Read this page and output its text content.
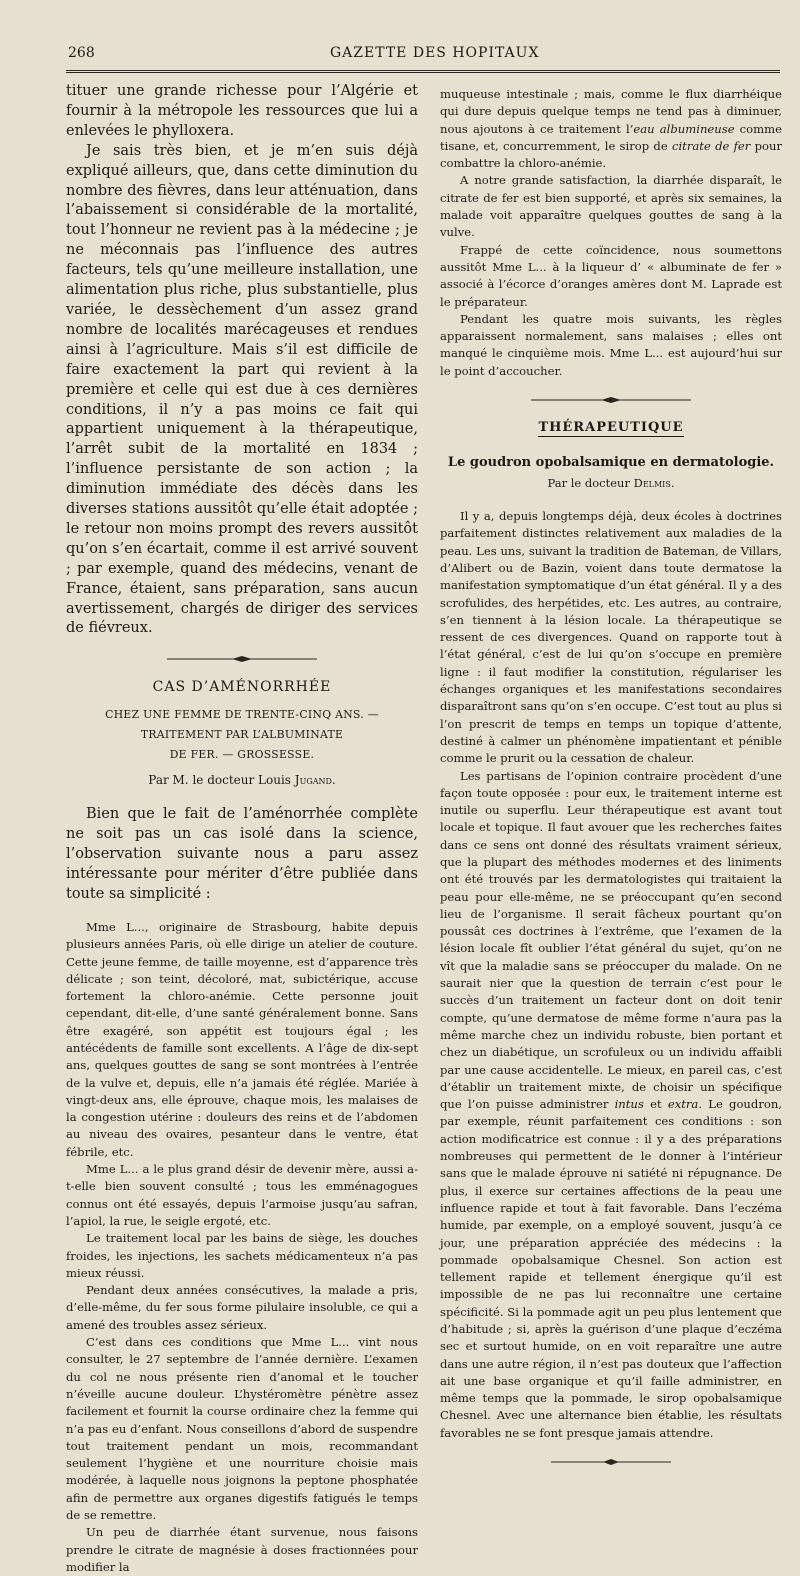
268	GAZETTE DES HOPITAUX

tituer une grande richesse pour l’Algérie et fournir à la métropole les ressources que lui a enlevées le phylloxera.

Je sais très bien, et je m’en suis déjà expliqué ailleurs, que, dans cette diminution du nombre des fièvres, dans leur atténuation, dans l’abaissement si considérable de la mortalité, tout l’honneur ne revient pas à la médecine ; je ne méconnais pas l’influence des autres facteurs, tels qu’une meilleure installation, une alimentation plus riche, plus substantielle, plus variée, le dessèchement d’un assez grand nombre de localités marécageuses et rendues ainsi à l’agriculture. Mais s’il est difficile de faire exactement la part qui revient à la première et celle qui est due à ces dernières conditions, il n’y a pas moins ce fait qui appartient uniquement à la thérapeutique, l’arrêt subit de la mortalité en 1834 ; l’influence persistante de son action ; la diminution immédiate des décès dans les diverses stations aussitôt qu’elle était adoptée ; le retour non moins prompt des revers aussitôt qu’on s’en écartait, comme il est arrivé souvent ; par exemple, quand des médecins, venant de France, étaient, sans préparation, sans aucun avertissement, chargés de diriger des services de fiévreux.

CAS D’AMÉNORRHÉE
CHEZ UNE FEMME DE TRENTE-CINQ ANS. — TRAITEMENT PAR L’ALBUMINATE
DE FER. — GROSSESSE.
Par M. le docteur Louis Jugand.

Bien que le fait de l’aménorrhée complète ne soit pas un cas isolé dans la science, l’observation suivante nous a paru assez intéressante pour mériter d’être publiée dans toute sa simplicité :

Mme L..., originaire de Strasbourg, habite depuis plusieurs années Paris, où elle dirige un atelier de couture. Cette jeune femme, de taille moyenne, est d’apparence très délicate ; son teint, décoloré, mat, subictérique, accuse fortement la chloro-anémie. Cette personne jouit cependant, dit-elle, d’une santé généralement bonne. Sans être exagéré, son appétit est toujours égal ; les antécédents de famille sont excellents. A l’âge de dix-sept ans, quelques gouttes de sang se sont montrées à l’entrée de la vulve et, depuis, elle n’a jamais été réglée. Mariée à vingt-deux ans, elle éprouve, chaque mois, les malaises de la congestion utérine : douleurs des reins et de l’abdomen au niveau des ovaires, pesanteur dans le ventre, état fébrile, etc.

Mme L... a le plus grand désir de devenir mère, aussi a-t-elle bien souvent consulté ; tous les emménagogues connus ont été essayés, depuis l’armoise jusqu’au safran, l’apiol, la rue, le seigle ergoté, etc.

Le traitement local par les bains de siège, les douches froides, les injections, les sachets médicamenteux n’a pas mieux réussi.

Pendant deux années consécutives, la malade a pris, d’elle-même, du fer sous forme pilulaire insoluble, ce qui a amené des troubles assez sérieux.

C’est dans ces conditions que Mme L... vint nous consulter, le 27 septembre de l’année dernière. L’examen du col ne nous présente rien d’anomal et le toucher n’éveille aucune douleur. L’hystéromètre pénètre assez facilement et fournit la course ordinaire chez la femme qui n’a pas eu d’enfant. Nous conseillons d’abord de suspendre tout traitement pendant un mois, recommandant seulement l’hygiène et une nourriture choisie mais modérée, à laquelle nous joignons la peptone phosphatée afin de permettre aux organes digestifs fatigués le temps de se remettre.

Un peu de diarrhée étant survenue, nous faisons prendre le citrate de magnésie à doses fractionnées pour modifier la

muqueuse intestinale ; mais, comme le flux diarrhéique qui dure depuis quelque temps ne tend pas à diminuer, nous ajoutons à ce traitement l’eau albumineuse comme tisane, et, concurremment, le sirop de citrate de fer pour combattre la chloro-anémie.

A notre grande satisfaction, la diarrhée disparaît, le citrate de fer est bien supporté, et après six semaines, la malade voit apparaître quelques gouttes de sang à la vulve.

Frappé de cette coïncidence, nous soumettons aussitôt Mme L... à la liqueur d’ « albuminate de fer » associé à l’écorce d’oranges amères dont M. Laprade est le préparateur.

Pendant les quatre mois suivants, les règles apparaissent normalement, sans malaises ; elles ont manqué le cinquième mois. Mme L... est aujourd’hui sur le point d’accoucher.

THÉRAPEUTIQUE
Le goudron opobalsamique en dermatologie.
Par le docteur Delmis.

Il y a, depuis longtemps déjà, deux écoles à doctrines parfaitement distinctes relativement aux maladies de la peau. Les uns, suivant la tradition de Bateman, de Villars, d’Alibert ou de Bazin, voient dans toute dermatose la manifestation symptomatique d’un état général. Il y a des scrofulides, des herpétides, etc. Les autres, au contraire, s’en tiennent à la lésion locale. La thérapeutique se ressent de ces divergences. Quand on rapporte tout à l’état général, c’est de lui qu’on s’occupe en première ligne : il faut modifier la constitution, régulariser les échanges organiques et les manifestations secondaires disparaîtront sans qu’on s’en occupe. C’est tout au plus si l’on prescrit de temps en temps un topique d’attente, destiné à calmer un phénomène impatientant et pénible comme le prurit ou la cessation de chaleur.

Les partisans de l’opinion contraire procèdent d’une façon toute opposée : pour eux, le traitement interne est inutile ou superflu. Leur thérapeutique est avant tout locale et topique. Il faut avouer que les recherches faites dans ce sens ont donné des résultats vraiment sérieux, que la plupart des méthodes modernes et des liniments ont été trouvés par les dermatologistes qui traitaient la peau pour elle-même, ne se préoccupant qu’en second lieu de l’organisme. Il serait fâcheux pourtant qu’on poussât ces doctrines à l’extrême, que l’examen de la lésion locale fît oublier l’état général du sujet, qu’on ne vît que la maladie sans se préoccuper du malade. On ne saurait nier que la question de terrain c’est pour le succès d’un traitement un facteur dont on doit tenir compte, qu’une dermatose de même forme n’aura pas la même marche chez un individu robuste, bien portant et chez un diabétique, un scrofuleux ou un individu affaibli par une cause accidentelle. Le mieux, en pareil cas, c’est d’établir un traitement mixte, de choisir un spécifique que l’on puisse administrer intus et extra. Le goudron, par exemple, réunit parfaitement ces conditions : son action modificatrice est connue : il y a des préparations nombreuses qui permettent de le donner à l’intérieur sans que le malade éprouve ni satiété ni répugnance. De plus, il exerce sur certaines affections de la peau une influence rapide et tout à fait favorable. Dans l’eczéma humide, par exemple, on a employé souvent, jusqu’à ce jour, une préparation appréciée des médecins : la pommade opobalsamique Chesnel. Son action est tellement rapide et tellement énergique qu’il est impossible de ne pas lui reconnaître une certaine spécificité. Si la pommade agit un peu plus lentement que d’habitude ; si, après la guérison d’une plaque d’eczéma sec et surtout humide, on en voit reparaître une autre dans une autre région, il n’est pas douteux que l’affection ait une base organique et qu’il faille administrer, en même temps que la pommade, le sirop opobalsamique Chesnel. Avec une alternance bien établie, les résultats favorables ne se font presque jamais attendre.
